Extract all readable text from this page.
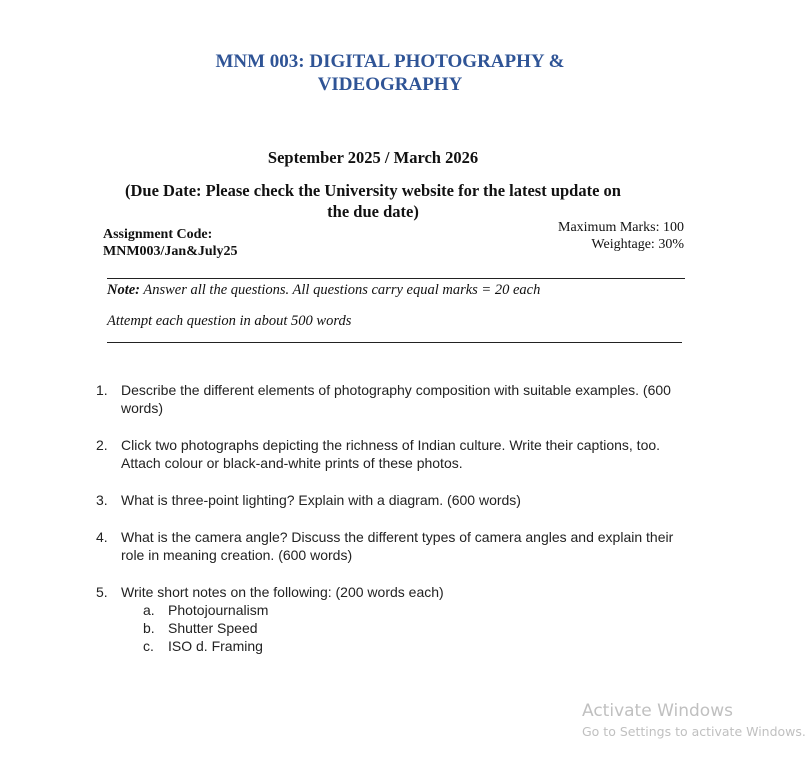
MNM 003: DIGITAL PHOTOGRAPHY &
VIDEOGRAPHY
September 2025 / March 2026
(Due Date: Please check the University website for the latest update on
the due date)
Assignment Code:
MNM003/Jan&July25
Maximum Marks: 100
Weightage: 30%
Note: Answer all the questions. All questions carry equal marks = 20 each
Attempt each question in about 500 words
1. Describe the different elements of photography composition with suitable examples. (600 words)
2. Click two photographs depicting the richness of Indian culture. Write their captions, too. Attach colour or black-and-white prints of these photos.
3. What is three-point lighting? Explain with a diagram. (600 words)
4. What is the camera angle? Discuss the different types of camera angles and explain their role in meaning creation. (600 words)
5. Write short notes on the following: (200 words each)
a. Photojournalism
b. Shutter Speed
c. ISO d. Framing
Activate Windows
Go to Settings to activate Windows.
